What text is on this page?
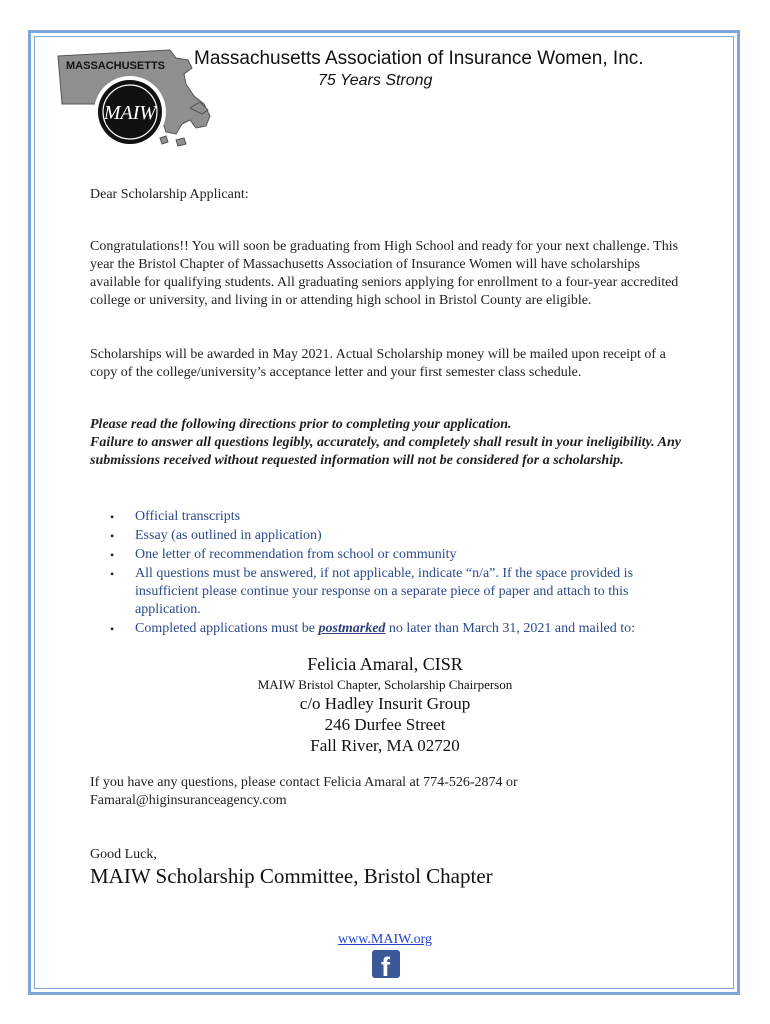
MASSACHUSETTS
MAIW
Massachusetts Association of Insurance Women, Inc.
75 Years Strong
Dear Scholarship Applicant:
Congratulations!! You will soon be graduating from High School and ready for your next challenge. This year the Bristol Chapter of Massachusetts Association of Insurance Women will have scholarships available for qualifying students. All graduating seniors applying for enrollment to a four-year accredited college or university, and living in or attending high school in Bristol County are eligible.
Scholarships will be awarded in May 2021. Actual Scholarship money will be mailed upon receipt of a copy of the college/university’s acceptance letter and your first semester class schedule.
Please read the following directions prior to completing your application.
Failure to answer all questions legibly, accurately, and completely shall result in your ineligibility. Any submissions received without requested information will not be considered for a scholarship.
• Official transcripts
• Essay (as outlined in application)
• One letter of recommendation from school or community
• All questions must be answered, if not applicable, indicate “n/a”. If the space provided is insufficient please continue your response on a separate piece of paper and attach to this application.
• Completed applications must be postmarked no later than March 31, 2021 and mailed to:
Felicia Amaral, CISR
MAIW Bristol Chapter, Scholarship Chairperson
c/o Hadley Insurit Group
246 Durfee Street
Fall River, MA 02720
If you have any questions, please contact Felicia Amaral at 774-526-2874 or
Famaral@higinsuranceagency.com
Good Luck,
MAIW Scholarship Committee, Bristol Chapter
www.MAIW.org
f
